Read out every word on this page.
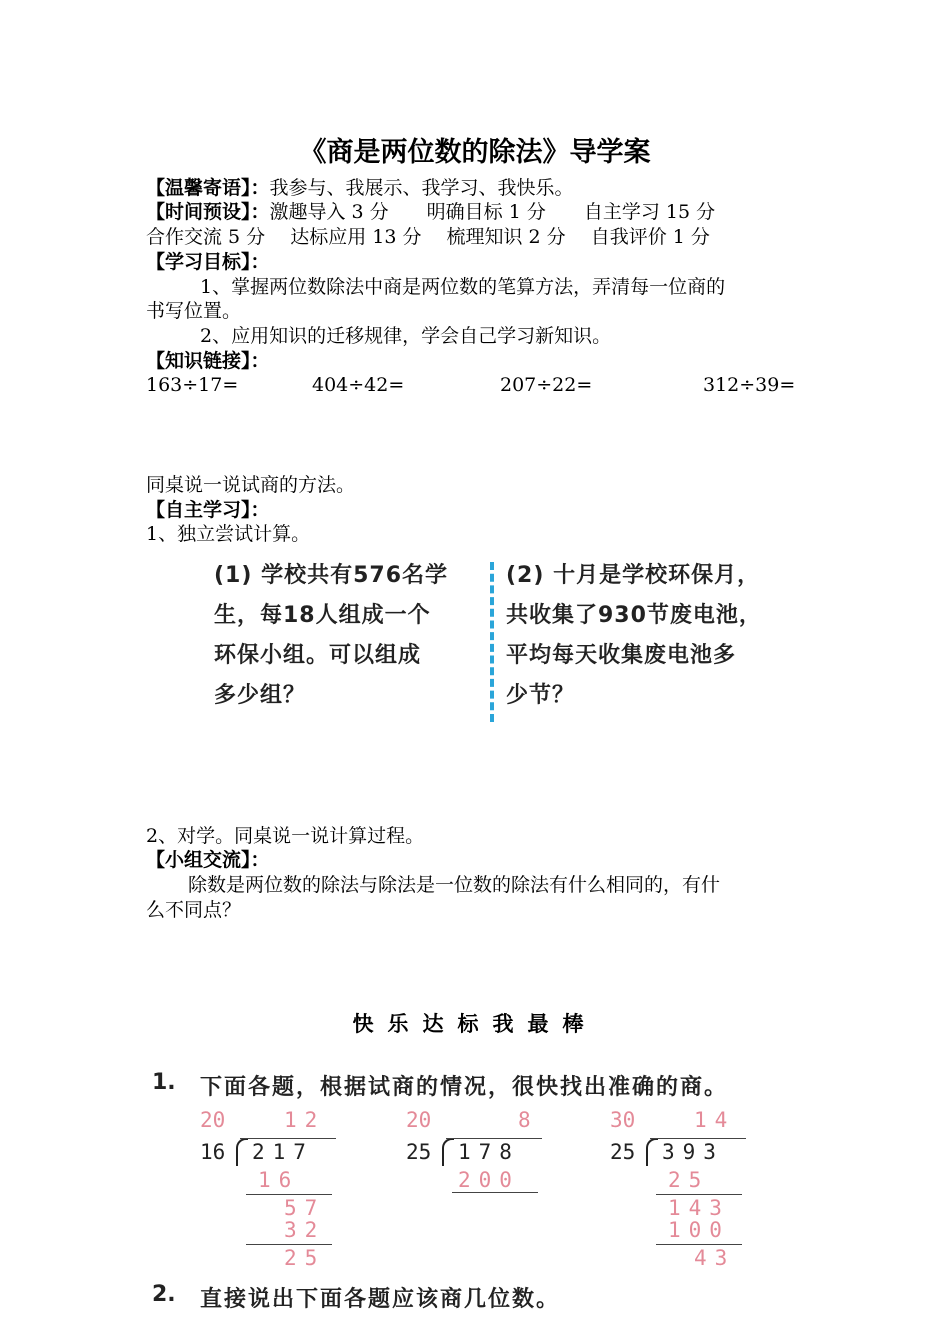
《商是两位数的除法》导学案
【温馨寄语】：我参与、我展示、我学习、我快乐。
【时间预设】：激趣导入 3 分　　明确目标 1 分　　自主学习 15 分
合作交流 5 分　 达标应用 13 分　 梳理知识 2 分　 自我评价 1 分
【学习目标】：
1、掌握两位数除法中商是两位数的笔算方法，弄清每一位商的
书写位置。
2、应用知识的迁移规律，学会自己学习新知识。
【知识链接】：
163÷17=	404÷42=	207÷22=	312÷39=
同桌说一说试商的方法。
【自主学习】：
1、独立尝试计算。
(1) 学校共有576名学
生，每18人组成一个
环保小组。可以组成
多少组？
(2) 十月是学校环保月，
共收集了930节废电池，
平均每天收集废电池多
少节？
2、对学。同桌说一说计算过程。
【小组交流】：
除数是两位数的除法与除法是一位数的除法有什么相同的，有什
么不同点？
快乐达标我最棒
1. 下面各题，根据试商的情况，很快找出准确的商。
20	12
16 217
16
57
32
25
20	8
25 178
200
30	14
25 393
25
143
100
43
2. 直接说出下面各题应该商几位数。
